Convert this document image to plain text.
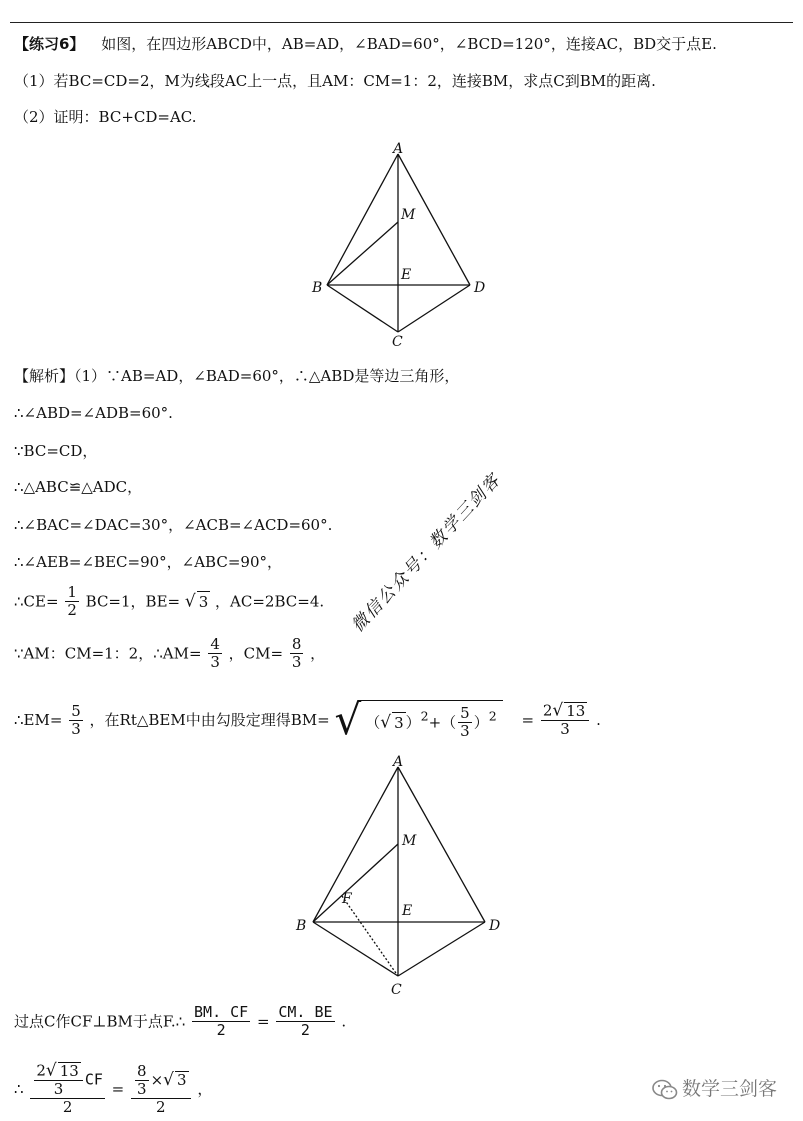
【练习6】 如图，在四边形ABCD中，AB=AD，∠BAD=60°，∠BCD=120°，连接AC，BD交于点E.
（1）若BC=CD=2，M为线段AC上一点，且AM：CM=1：2，连接BM，求点C到BM的距离.
（2）证明：BC+CD=AC.
A
M
E
B	D
C
【解析】（1）∵AB=AD，∠BAD=60°，∴△ABD是等边三角形，
∴∠ABD=∠ADB=60°.
∵BC=CD，
∴△ABC≌△ADC，
∴∠BAC=∠DAC=30°，∠ACB=∠ACD=60°.
∴∠AEB=∠BEC=90°，∠ABC=90°，
∴CE= $\frac{1}{2} BC=1$，BE= √ 3 ，AC=2BC=4.
∵AM：CM=1：2，∴AM= $\frac{4}{3}$ ，$CM= \frac{8}{3}$ ，
∴EM= $\frac{5}{3}$ ，在Rt△BEM中由勾股定理得BM= √ （√ 3 ）$^2+( \frac{5}{3} )^2 = \frac{2√ 13}{3}$ .
A
M
F
E
B	D
C
过点C作CF⊥BM于点F.∴ $\frac{BM. CF}{2} = \frac{CM. BE}{2}$ .
∴ $\frac{\frac{2√ 13}{3} CF}{2} = \frac{\frac{8}{3} \times√ 3}{2}$ ，
微信公众号：数学三剑客
数学三剑客
